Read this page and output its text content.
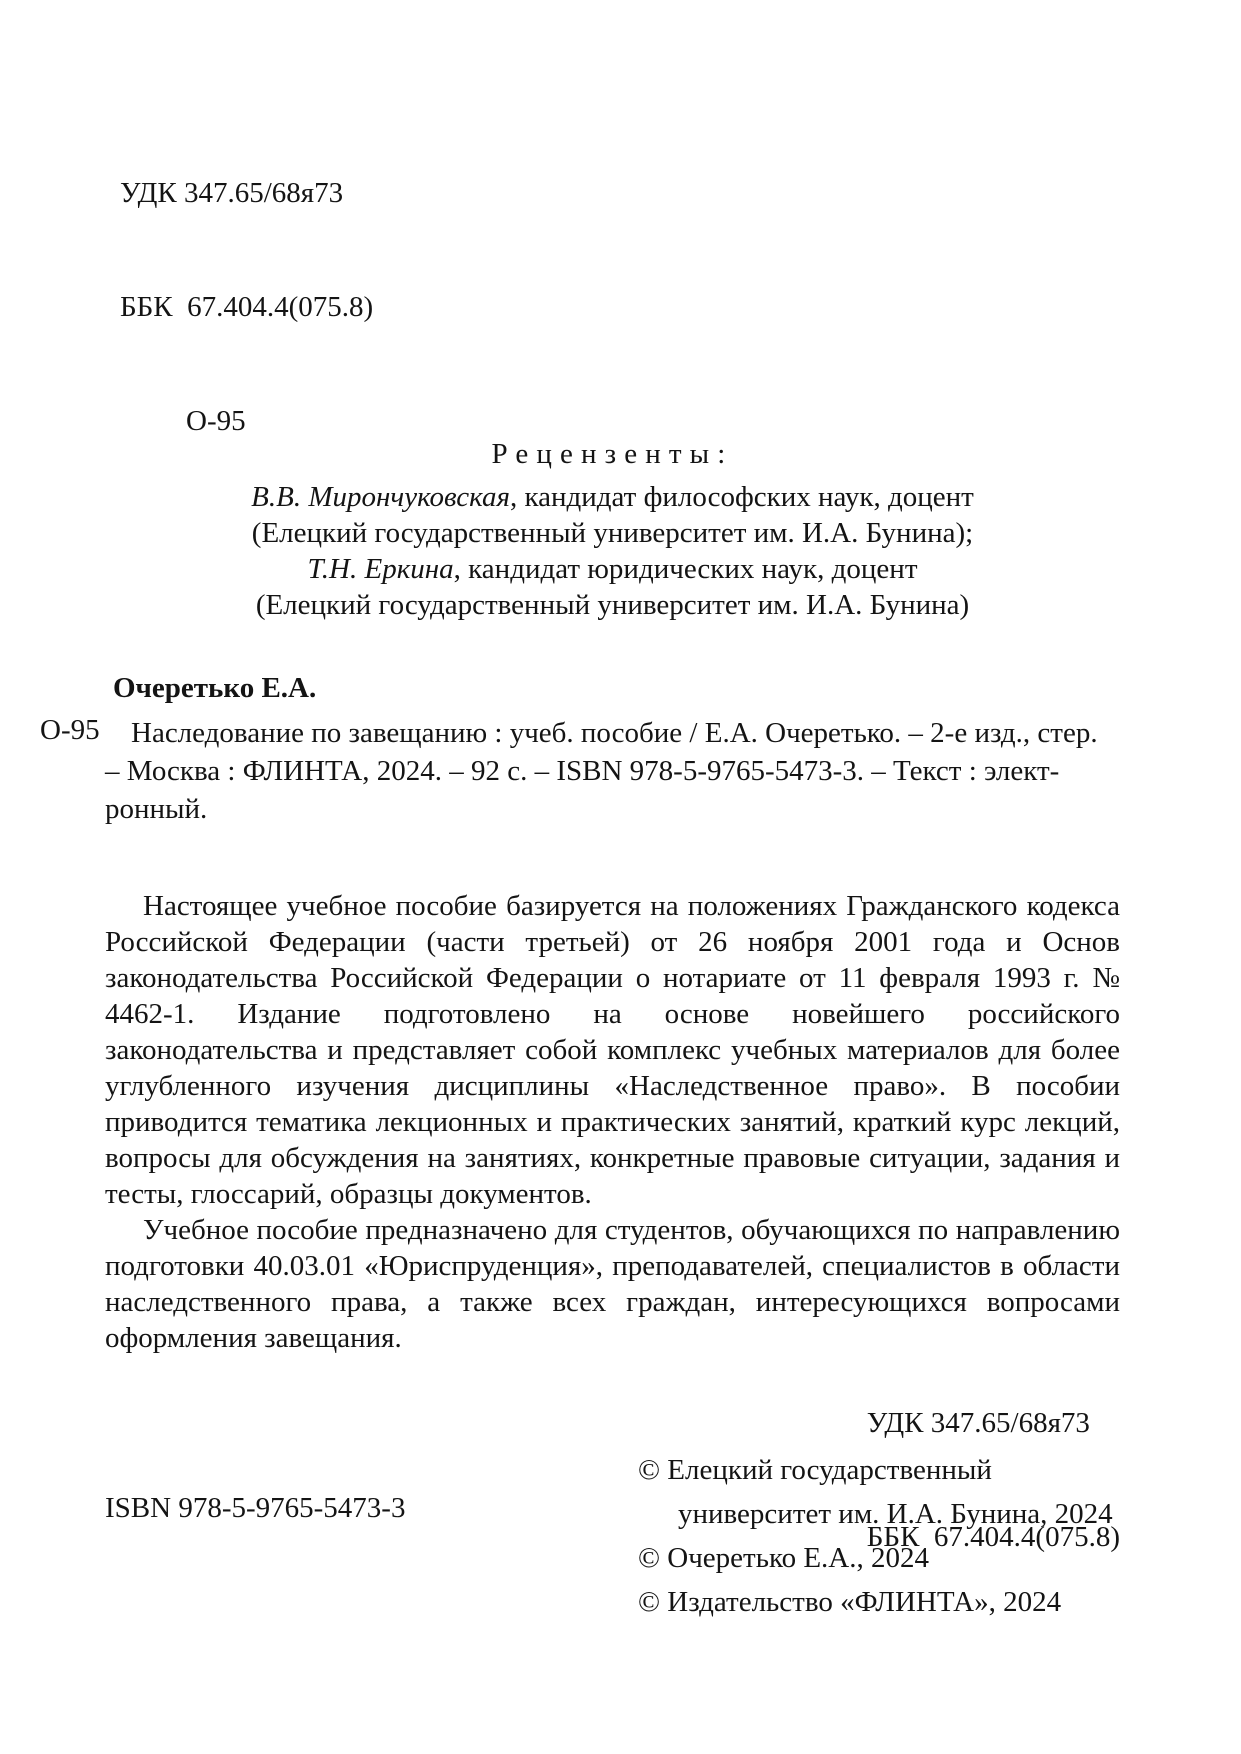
УДК 347.65/68я73

ББК  67.404.4(075.8)

О-95

Рецензенты:
В.В. Мирончуковская, кандидат философских наук, доцент
(Елецкий государственный университет им. И.А. Бунина);
Т.Н. Еркина, кандидат юридических наук, доцент
(Елецкий государственный университет им. И.А. Бунина)
Очеретько Е.А.
О-95	Наследование по завещанию : учеб. пособие / Е.А. Очеретько. – 2-е изд., стер.
– Москва : ФЛИНТА, 2024. – 92 с. – ISBN 978-5-9765-5473-3. – Текст : элект-
ронный.

Настоящее учебное пособие базируется на положениях Гражданского кодекса Российской Федерации (части третьей) от 26 ноября 2001 года и Основ законодательства Российской Федерации о нотариате от 11 февраля 1993 г. № 4462-1. Издание подготовлено на основе новейшего российского законодательства и представляет собой комплекс учебных материалов для более углубленного изучения дисциплины «Наследственное право». В пособии приводится тематика лекционных и практических занятий, краткий курс лекций, вопросы для обсуждения на занятиях, конкретные правовые ситуации, задания и тесты, глоссарий, образцы документов.

Учебное пособие предназначено для студентов, обучающихся по направлению подготовки 40.03.01 «Юриспруденция», преподавателей, специалистов в области наследственного права, а также всех граждан, интересующихся вопросами оформления завещания.

УДК 347.65/68я73

ББК  67.404.4(075.8)

ISBN 978-5-9765-5473-3
© Елецкий государственный
университет им. И.А. Бунина, 2024
© Очеретько Е.А., 2024
© Издательство «ФЛИНТА», 2024
